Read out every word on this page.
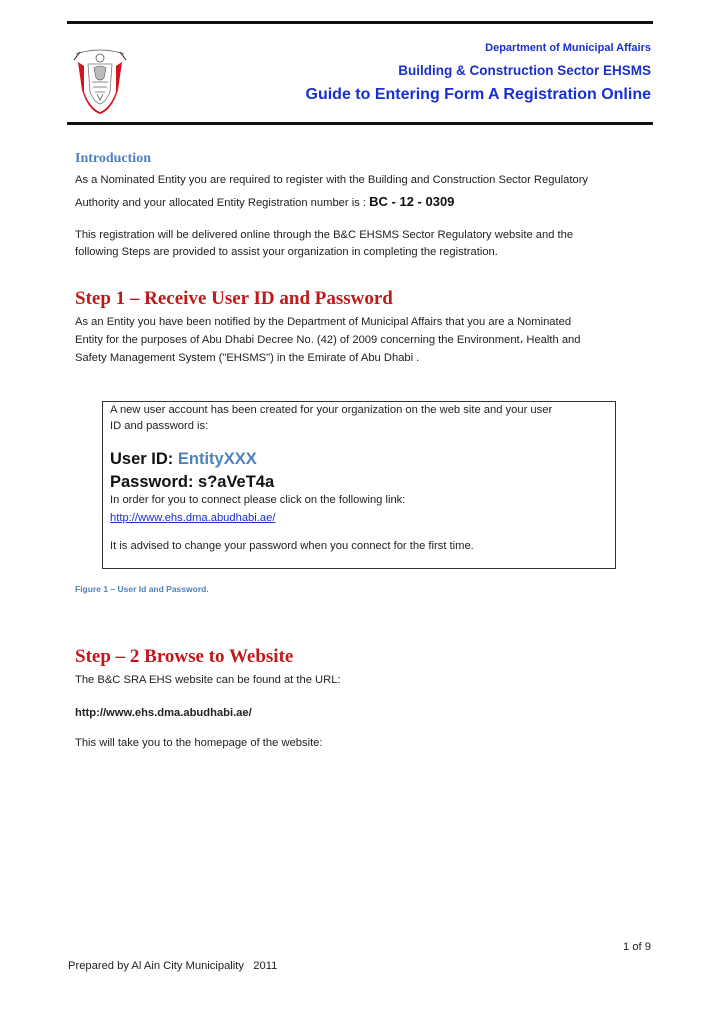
Department of Municipal Affairs
Building & Construction Sector EHSMS
Guide to Entering Form A Registration Online
Introduction
As a Nominated Entity you are required to register with the Building and Construction Sector Regulatory
Authority and your allocated Entity Registration number is : BC - 12 - 0309
This registration will be delivered online through the B&C EHSMS Sector Regulatory website and the
following Steps are provided to assist your organization in completing the registration.
Step 1 – Receive User ID and Password
As an Entity you have been notified by the Department of Municipal Affairs that you are a Nominated
Entity for the purposes of Abu Dhabi Decree No. (42) of 2009 concerning the Environment، Health and
Safety Management System ("EHSMS") in the Emirate of Abu Dhabi .
A new user account has been created for your organization on the web site and your user
ID and password is:
User ID: EntityXXX
Password: s?aVeT4a
In order for you to connect please click on the following link:
http://www.ehs.dma.abudhabi.ae/
It is advised to change your password when you connect for the first time.
Figure 1 – User Id and Password.
Step – 2 Browse to Website
The B&C SRA EHS website can be found at the URL:
http://www.ehs.dma.abudhabi.ae/
This will take you to the homepage of the website:
1 of 9
Prepared by Al Ain City Municipality   2011
